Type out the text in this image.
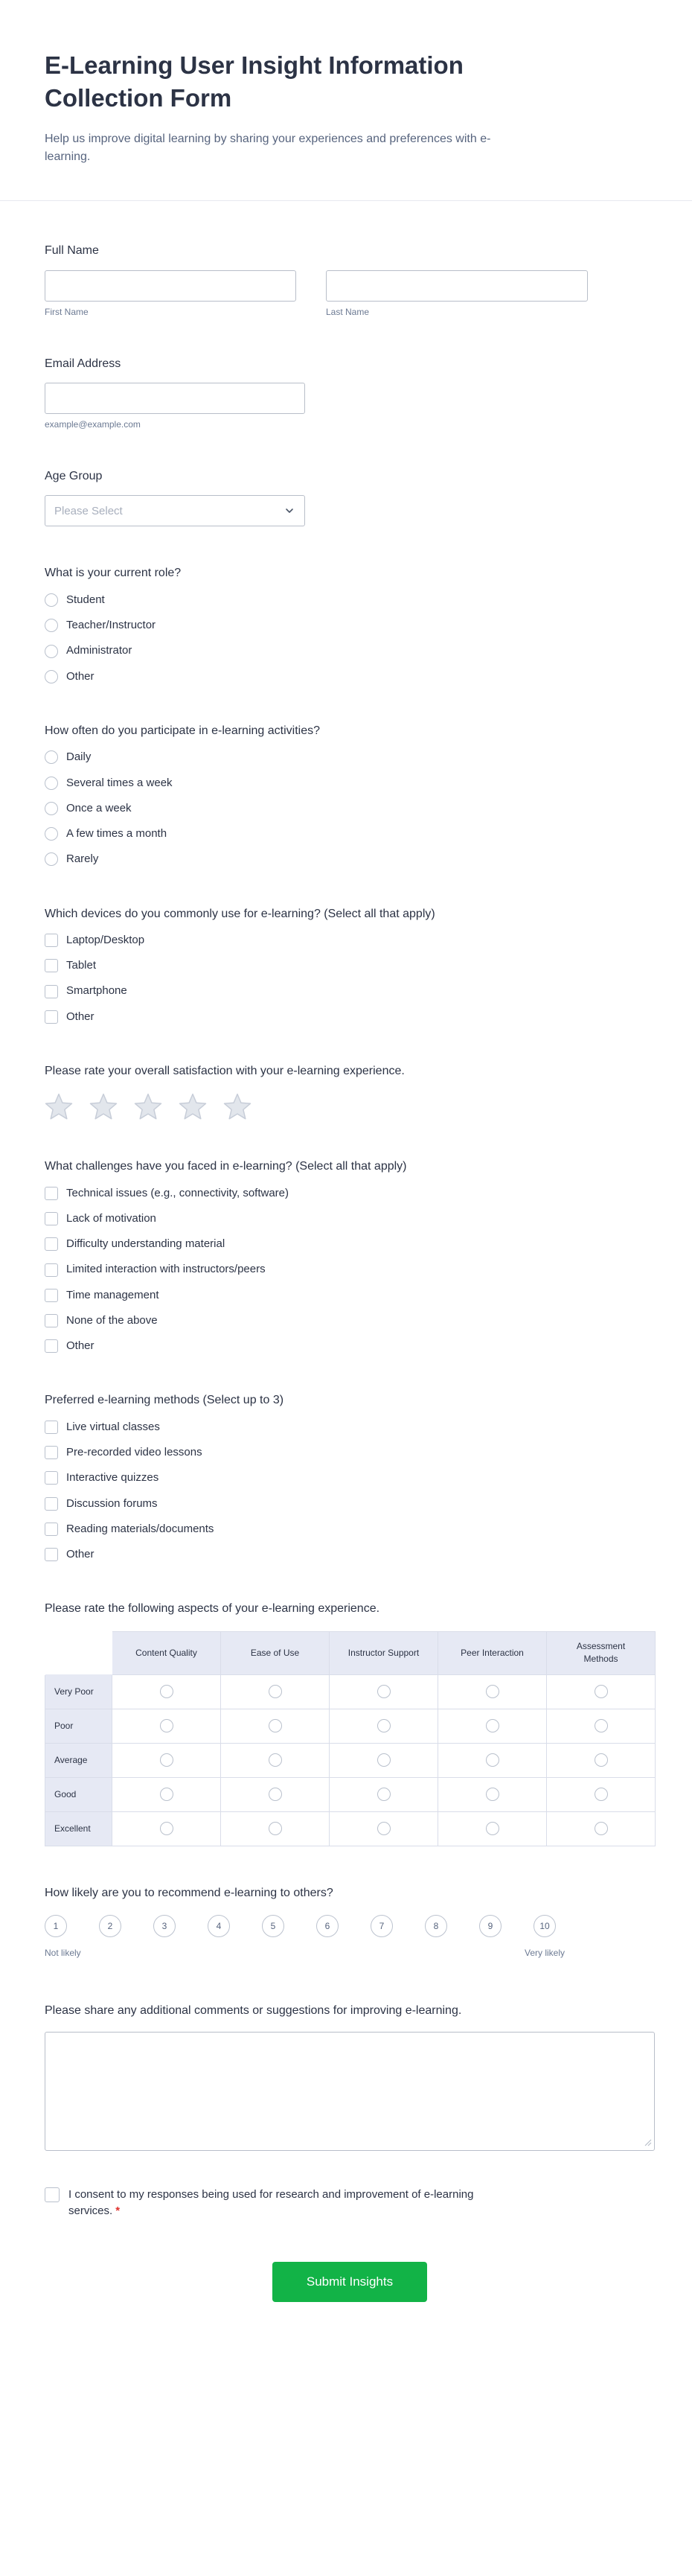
E-Learning User Insight Information Collection Form
Help us improve digital learning by sharing your experiences and preferences with e-learning.
Full Name
First Name	Last Name
Email Address
example@example.com
Age Group
Please Select
What is your current role?
Student
Teacher/Instructor
Administrator
Other
How often do you participate in e-learning activities?
Daily
Several times a week
Once a week
A few times a month
Rarely
Which devices do you commonly use for e-learning? (Select all that apply)
Laptop/Desktop
Tablet
Smartphone
Other
Please rate your overall satisfaction with your e-learning experience.
What challenges have you faced in e-learning? (Select all that apply)
Technical issues (e.g., connectivity, software)
Lack of motivation
Difficulty understanding material
Limited interaction with instructors/peers
Time management
None of the above
Other
Preferred e-learning methods (Select up to 3)
Live virtual classes
Pre-recorded video lessons
Interactive quizzes
Discussion forums
Reading materials/documents
Other
Please rate the following aspects of your e-learning experience.
	Content Quality	Ease of Use	Instructor Support	Peer Interaction	Assessment Methods
Very Poor					
Poor					
Average					
Good					
Excellent					
How likely are you to recommend e-learning to others?
1	2	3	4	5	6	7	8	9	10
Not likely	Very likely
Please share any additional comments or suggestions for improving e-learning.
I consent to my responses being used for research and improvement of e-learning services. *
Submit Insights
